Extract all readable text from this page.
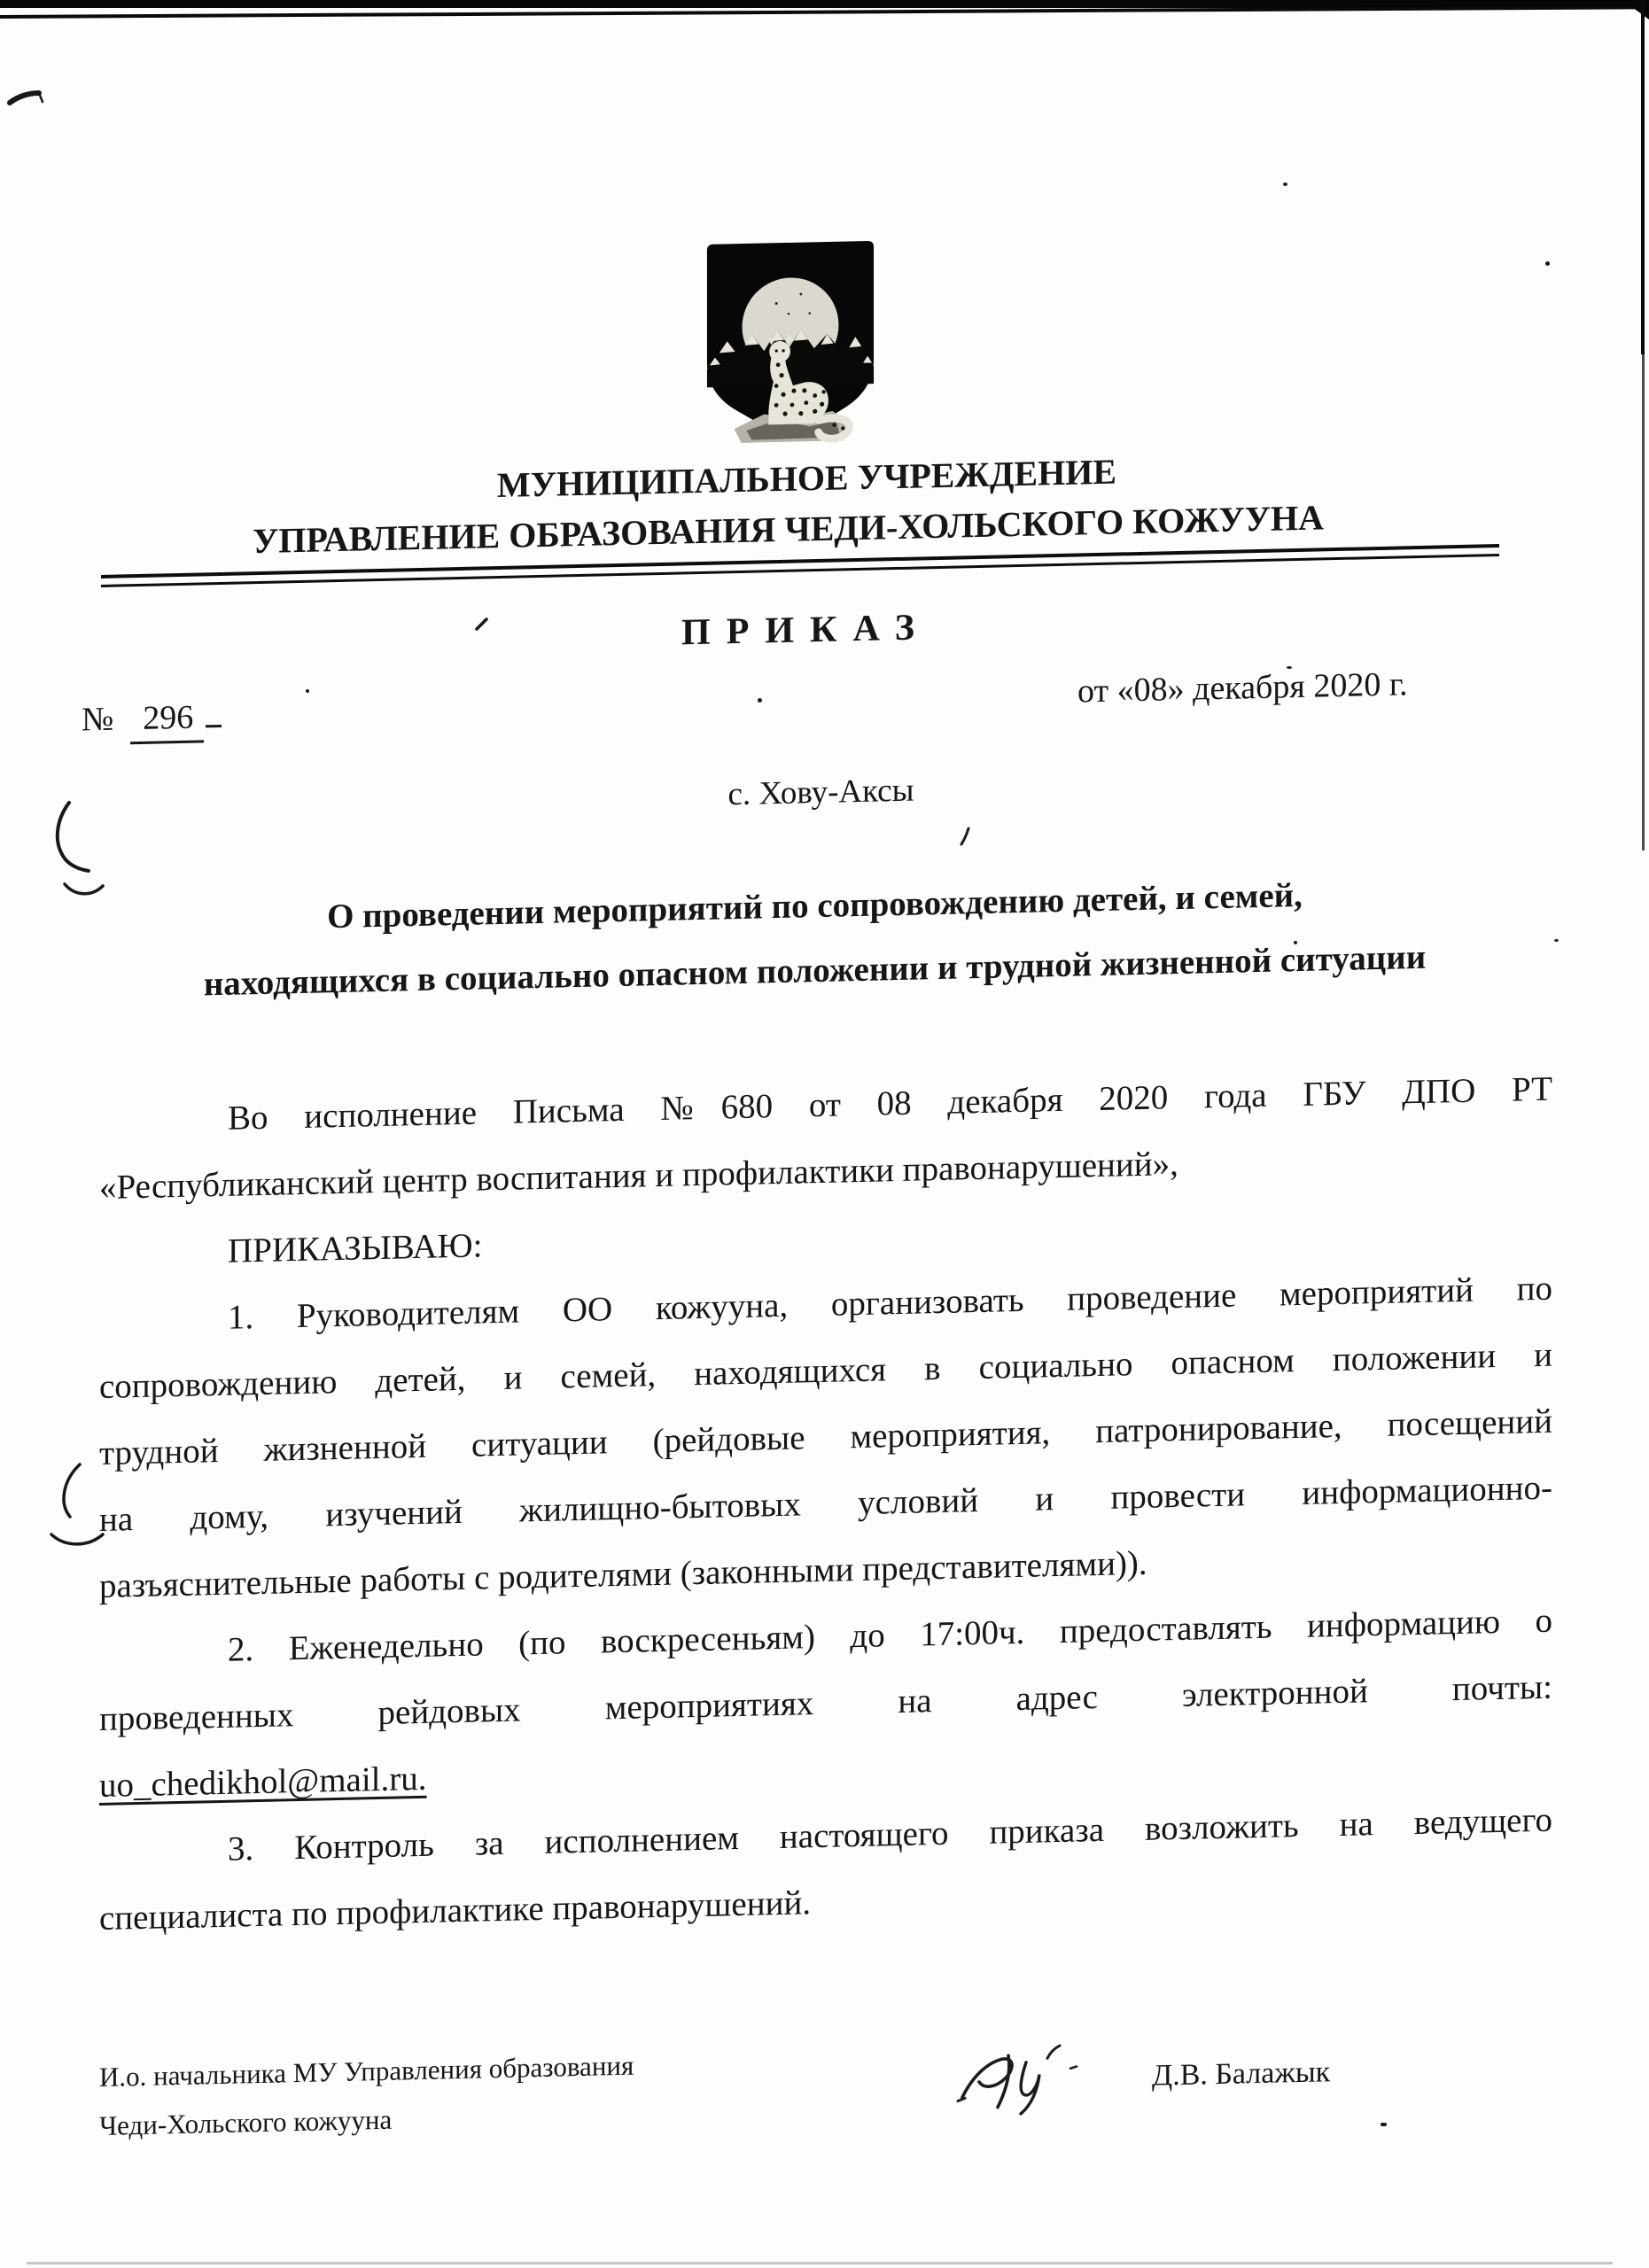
МУНИЦИПАЛЬНОЕ УЧРЕЖДЕНИЕ
УПРАВЛЕНИЕ ОБРАЗОВАНИЯ ЧЕДИ-ХОЛЬСКОГО КОЖУУНА
ПРИКАЗ
№ 296
от «08» декабря 2020 г.
с. Хову-Аксы
О проведении мероприятий по сопровождению детей, и семей,
находящихся в социально опасном положении и трудной жизненной ситуации
Во исполнение Письма №680 от 08 декабря 2020 года ГБУ ДПО РТ
«Республиканский центр воспитания и профилактики правонарушений»,
ПРИКАЗЫВАЮ:
1. Руководителям ОО кожууна, организовать проведение мероприятий по
сопровождению детей, и семей, находящихся в социально опасном положении и
трудной жизненной ситуации (рейдовые мероприятия, патронирование, посещений
на дому, изучений жилищно-бытовых условий и провести информационно-
разъяснительные работы с родителями (законными представителями)).
2. Еженедельно (по воскресеньям) до 17:00ч. предоставлять информацию о
проведенных рейдовых мероприятиях на адрес электронной почты:
uo_chedikhol@mail.ru.
3. Контроль за исполнением настоящего приказа возложить на ведущего
специалиста по профилактике правонарушений.
И.о. начальника МУ Управления образования
Чеди-Хольского кожууна
Д.В. Балажык
